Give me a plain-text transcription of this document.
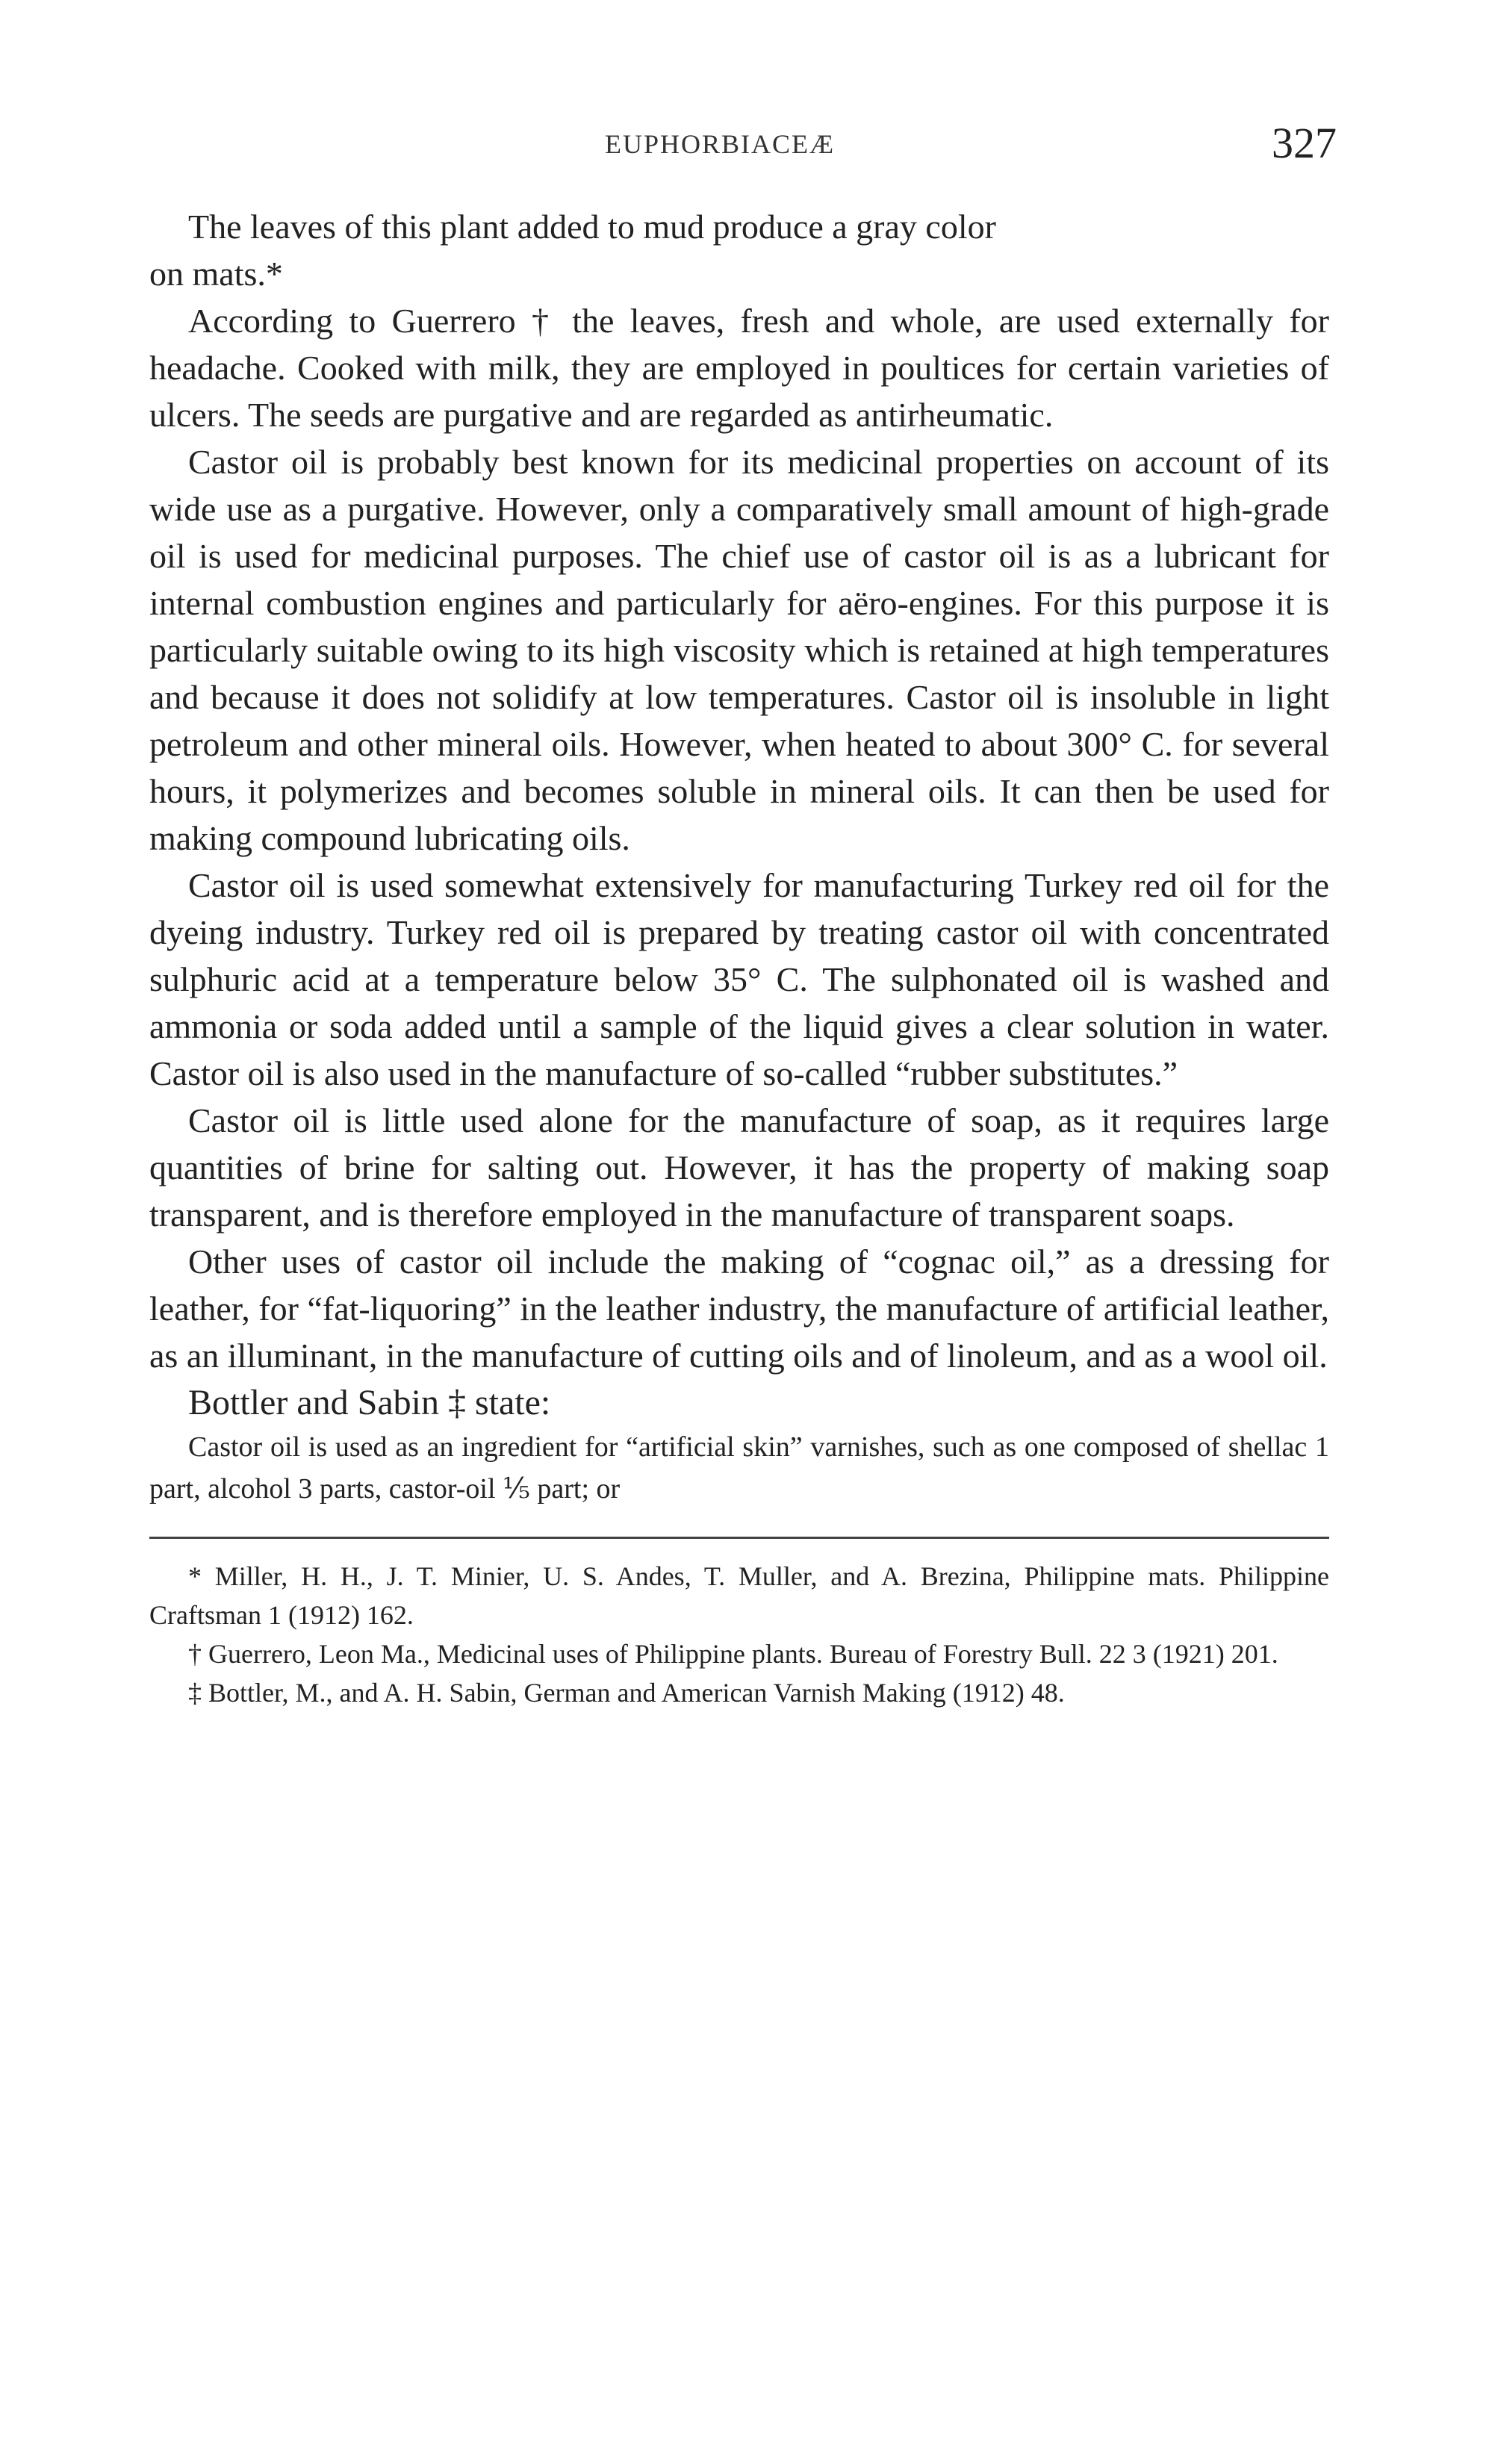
EUPHORBIACEÆ	327

The leaves of this plant added to mud produce a gray color

on mats.*

According to Guerrero † the leaves, fresh and whole, are used externally for headache. Cooked with milk, they are employed in poultices for certain varieties of ulcers. The seeds are purgative and are regarded as antirheumatic.

Castor oil is probably best known for its medicinal properties on account of its wide use as a purgative. However, only a comparatively small amount of high-grade oil is used for medicinal purposes. The chief use of castor oil is as a lubricant for internal combustion engines and particularly for aëro-engines. For this purpose it is particularly suitable owing to its high viscosity which is retained at high temperatures and because it does not solidify at low temperatures. Castor oil is insoluble in light petroleum and other mineral oils. However, when heated to about 300° C. for several hours, it polymerizes and becomes soluble in mineral oils. It can then be used for making compound lubricating oils.

Castor oil is used somewhat extensively for manufacturing Turkey red oil for the dyeing industry. Turkey red oil is prepared by treating castor oil with concentrated sulphuric acid at a temperature below 35° C. The sulphonated oil is washed and ammonia or soda added until a sample of the liquid gives a clear solution in water. Castor oil is also used in the manufacture of so-called “rubber substitutes.”

Castor oil is little used alone for the manufacture of soap, as it requires large quantities of brine for salting out. However, it has the property of making soap transparent, and is therefore employed in the manufacture of transparent soaps.

Other uses of castor oil include the making of “cognac oil,” as a dressing for leather, for “fat-liquoring” in the leather industry, the manufacture of artificial leather, as an illuminant, in the manufacture of cutting oils and of linoleum, and as a wool oil.

Bottler and Sabin ‡ state:

Castor oil is used as an ingredient for “artificial skin” varnishes, such as one composed of shellac 1 part, alcohol 3 parts, castor-oil ⅕ part; or

* Miller, H. H., J. T. Minier, U. S. Andes, T. Muller, and A. Brezina, Philippine mats. Philippine Craftsman 1 (1912) 162.

† Guerrero, Leon Ma., Medicinal uses of Philippine plants. Bureau of Forestry Bull. 22 3 (1921) 201.

‡ Bottler, M., and A. H. Sabin, German and American Varnish Making (1912) 48.
